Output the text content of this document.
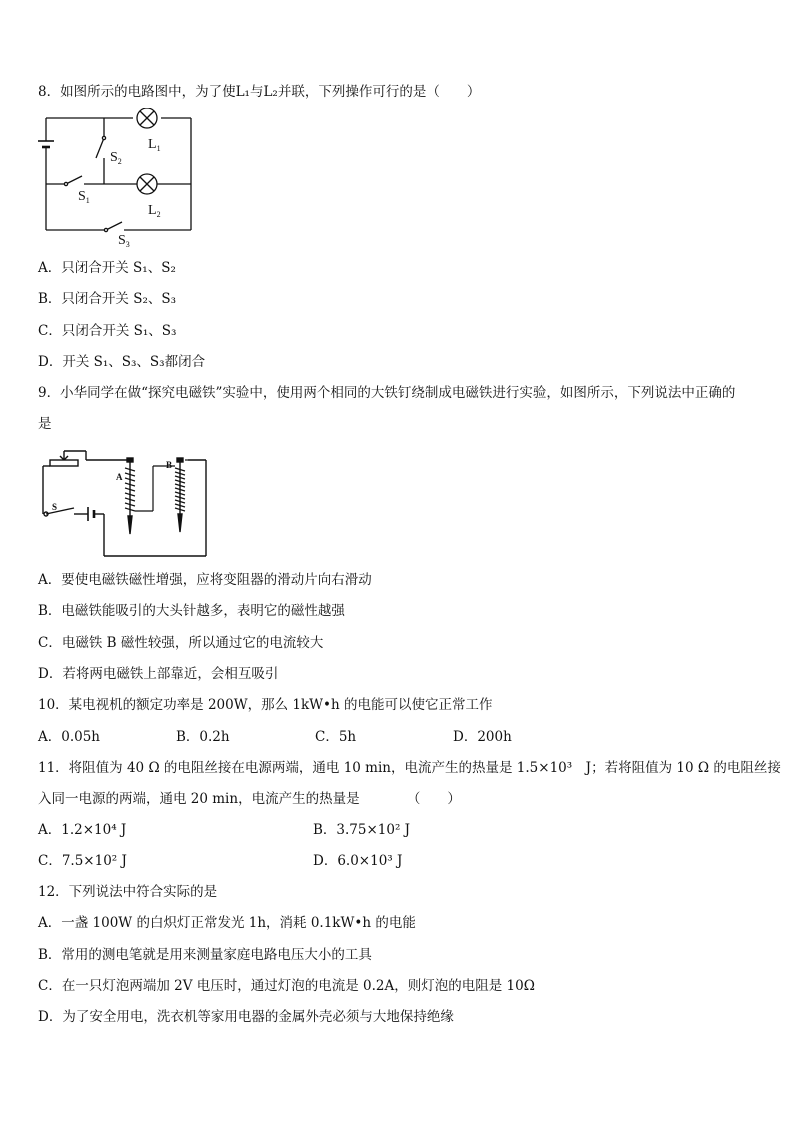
8．如图所示的电路图中，为了使L₁与L₂并联，下列操作可行的是（　　）
$L_1$
$L_2$
$S_2$
$S_1$
$S_3$
A．只闭合开关 S₁、S₂
B．只闭合开关 S₂、S₃
C．只闭合开关 S₁、S₃
D．开关 S₁、S₃、S₃都闭合
9．小华同学在做“探究电磁铁”实验中，使用两个相同的大铁钉绕制成电磁铁进行实验，如图所示，下列说法中正确的
是
A
B
S
A．要使电磁铁磁性增强，应将变阻器的滑动片向右滑动
B．电磁铁能吸引的大头针越多，表明它的磁性越强
C．电磁铁 B 磁性较强，所以通过它的电流较大
D．若将两电磁铁上部靠近，会相互吸引
10．某电视机的额定功率是 200W，那么 1kW•h 的电能可以使它正常工作
A．0.05h	B．0.2h	C．5h	D．200h
11．将阻值为 40 Ω 的电阻丝接在电源两端，通电 10 min，电流产生的热量是 1.5×10³　J；若将阻值为 10 Ω 的电阻丝接
入同一电源的两端，通电 20 min，电流产生的热量是　　　　（　　）
A．1.2×10⁴ J	B．3.75×10² J
C．7.5×10² J	D．6.0×10³ J
12．下列说法中符合实际的是
A．一盏 100W 的白炽灯正常发光 1h，消耗 0.1kW•h 的电能
B．常用的测电笔就是用来测量家庭电路电压大小的工具
C．在一只灯泡两端加 2V 电压时，通过灯泡的电流是 0.2A，则灯泡的电阻是 10Ω
D．为了安全用电，洗衣机等家用电器的金属外壳必须与大地保持绝缘
